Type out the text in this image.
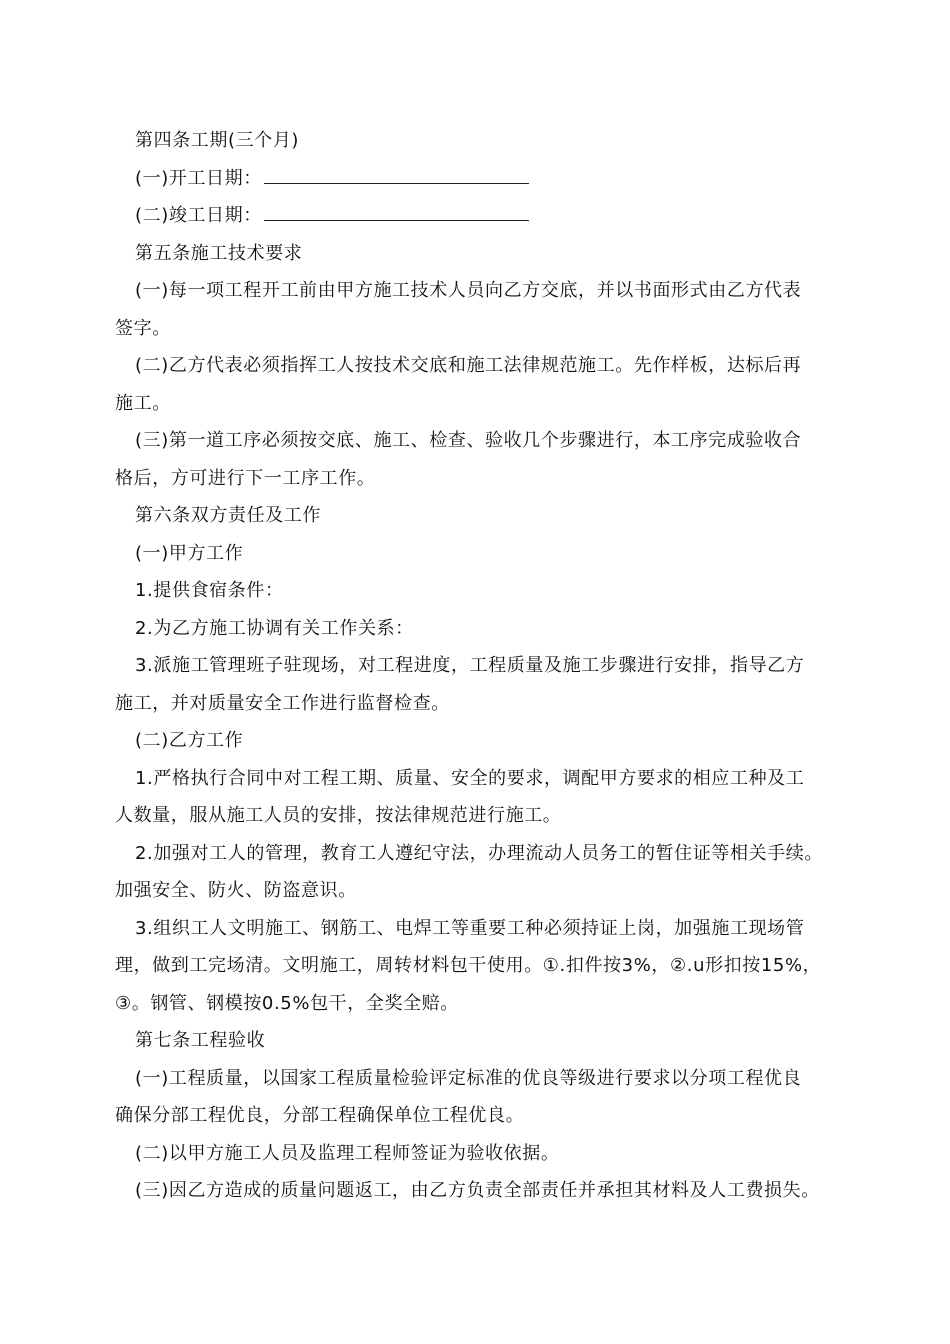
第四条工期(三个月)
(一)开工日期：
(二)竣工日期：
第五条施工技术要求
(一)每一项工程开工前由甲方施工技术人员向乙方交底，并以书面形式由乙方代表
签字。
(二)乙方代表必须指挥工人按技术交底和施工法律规范施工。先作样板，达标后再
施工。
(三)第一道工序必须按交底、施工、检查、验收几个步骤进行，本工序完成验收合
格后，方可进行下一工序工作。
第六条双方责任及工作
(一)甲方工作
1.提供食宿条件：
2.为乙方施工协调有关工作关系：
3.派施工管理班子驻现场，对工程进度，工程质量及施工步骤进行安排，指导乙方
施工，并对质量安全工作进行监督检查。
(二)乙方工作
1.严格执行合同中对工程工期、质量、安全的要求，调配甲方要求的相应工种及工
人数量，服从施工人员的安排，按法律规范进行施工。
2.加强对工人的管理，教育工人遵纪守法，办理流动人员务工的暂住证等相关手续。
加强安全、防火、防盗意识。
3.组织工人文明施工、钢筋工、电焊工等重要工种必须持证上岗，加强施工现场管
理，做到工完场清。文明施工，周转材料包干使用。①.扣件按3%，②.u形扣按15%，
③。钢管、钢模按0.5%包干，全奖全赔。
第七条工程验收
(一)工程质量，以国家工程质量检验评定标准的优良等级进行要求以分项工程优良
确保分部工程优良，分部工程确保单位工程优良。
(二)以甲方施工人员及监理工程师签证为验收依据。
(三)因乙方造成的质量问题返工，由乙方负责全部责任并承担其材料及人工费损失。
